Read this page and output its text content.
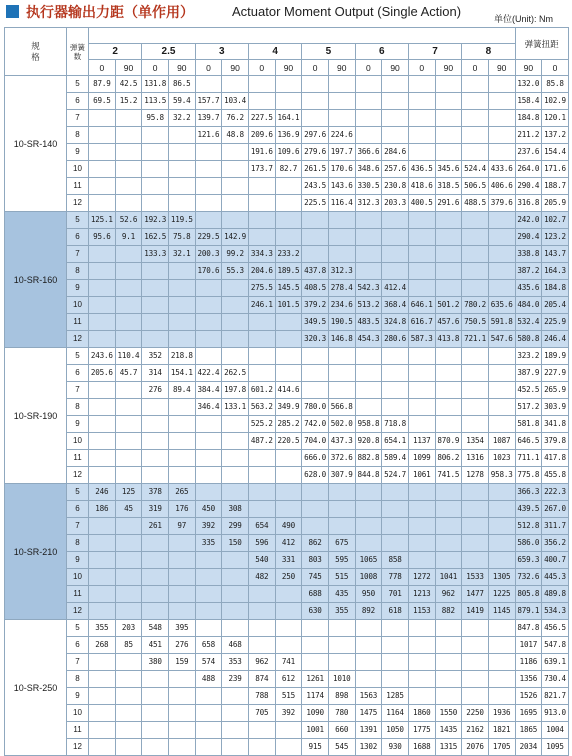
执行器输出力距（单作用）	Actuator Moment Output (Single Action)	单位(Unit): Nm
规
格	弹簧数																	弹簧扭距	
		2		2.5		3		4		5		6		7		8			
		0	90	0	90	0	90	0	90	0	90	0	90	0	90	0	90	90	0
10-SR-140	5	87.9	42.5	131.8	86.5													132.0	85.8
	6	69.5	15.2	113.5	59.4	157.7	103.4											158.4	102.9
	7			95.8	32.2	139.7	76.2	227.5	164.1									184.8	120.1
	8					121.6	48.8	209.6	136.9	297.6	224.6							211.2	137.2
	9							191.6	109.6	279.6	197.7	366.6	284.6					237.6	154.4
	10							173.7	82.7	261.5	170.6	348.6	257.6	436.5	345.6	524.4	433.6	264.0	171.6
	11									243.5	143.6	330.5	230.8	418.6	318.5	506.5	406.6	290.4	188.7
	12									225.5	116.4	312.3	203.3	400.5	291.6	488.5	379.6	316.8	205.9
10-SR-160	5	125.1	52.6	192.3	119.5													242.0	102.7
	6	95.6	9.1	162.5	75.8	229.5	142.9											290.4	123.2
	7			133.3	32.1	200.3	99.2	334.3	233.2									338.8	143.7
	8					170.6	55.3	204.6	189.5	437.8	312.3							387.2	164.3
	9							275.5	145.5	408.5	278.4	542.3	412.4					435.6	184.8
	10							246.1	101.5	379.2	234.6	513.2	368.4	646.1	501.2	780.2	635.6	484.0	205.4
	11									349.5	190.5	483.5	324.8	616.7	457.6	750.5	591.8	532.4	225.9
	12									320.3	146.8	454.3	280.6	587.3	413.8	721.1	547.6	580.8	246.4
10-SR-190	5	243.6	110.4	352	218.8													323.2	189.9
	6	205.6	45.7	314	154.1	422.4	262.5											387.9	227.9
	7			276	89.4	384.4	197.8	601.2	414.6									452.5	265.9
	8					346.4	133.1	563.2	349.9	780.0	566.8							517.2	303.9
	9							525.2	285.2	742.0	502.0	958.8	718.8					581.8	341.8
	10							487.2	220.5	704.0	437.3	920.8	654.1	1137	870.9	1354	1087	646.5	379.8
	11									666.0	372.6	882.8	589.4	1099	806.2	1316	1023	711.1	417.8
	12									628.0	307.9	844.8	524.7	1061	741.5	1278	958.3	775.8	455.8
10-SR-210	5	246	125	378	265													366.3	222.3
	6	186	45	319	176	450	308											439.5	267.0
	7			261	97	392	299	654	490									512.8	311.7
	8					335	150	596	412	862	675							586.0	356.2
	9							540	331	803	595	1065	858					659.3	400.7
	10							482	250	745	515	1008	778	1272	1041	1533	1305	732.6	445.3
	11									688	435	950	701	1213	962	1477	1225	805.8	489.8
	12									630	355	892	618	1153	882	1419	1145	879.1	534.3
10-SR-250	5	355	203	548	395													847.8	456.5
	6	268	85	451	276	658	468											1017	547.8
	7			380	159	574	353	962	741									1186	639.1
	8					488	239	874	612	1261	1010							1356	730.4
	9							788	515	1174	898	1563	1285					1526	821.7
	10							705	392	1090	780	1475	1164	1860	1550	2250	1936	1695	913.0
	11									1001	660	1391	1050	1775	1435	2162	1821	1865	1004
	12									915	545	1302	930	1688	1315	2076	1705	2034	1095
